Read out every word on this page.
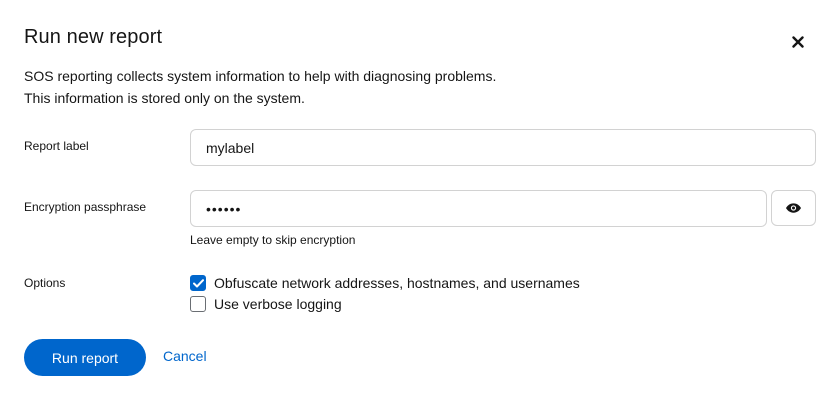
Run new report
SOS reporting collects system information to help with diagnosing problems.
This information is stored only on the system.
Report label
mylabel
Encryption passphrase
••••••
Leave empty to skip encryption
Options	Obfuscate network addresses, hostnames, and usernames
Use verbose logging
Run report	Cancel
